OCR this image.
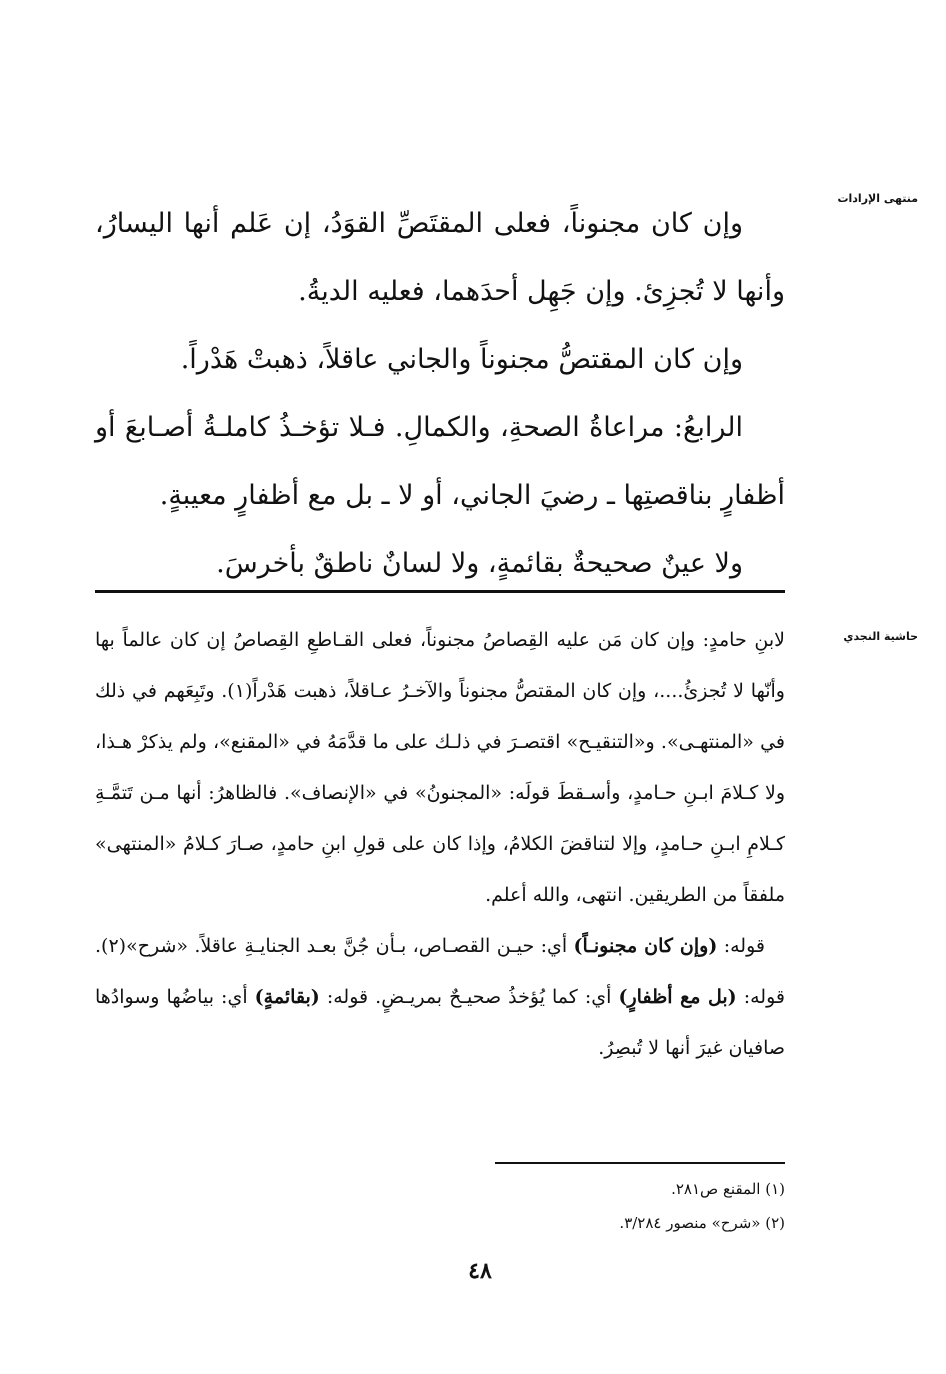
منتهى الإرادات

وإن كان مجنوناً، فعلى المقتَصِّ القوَدُ، إن عَلم أنها اليسارُ، وأنها لا تُجزِئ. وإن جَهِل أحدَهما، فعليه الديةُ.

وإن كان المقتصُّ مجنوناً والجاني عاقلاً، ذهبتْ هَدْراً.

الرابعُ: مراعاةُ الصحةِ، والكمالِ. فـلا تؤخـذُ كاملـةُ أصـابعَ أو أظفارٍ بناقصتِها ـ رضيَ الجاني، أو لا ـ بل مع أظفارٍ معيبةٍ.

ولا عينٌ صحيحةٌ بقائمةٍ، ولا لسانٌ ناطقٌ بأخرسَ.

حاشية النجدي

لابنِ حامدٍ: وإن كان مَن عليه القِصاصُ مجنوناً، فعلى القـاطعِ القِصاصُ إن كان عالماً بها وأنّها لا تُجزئُ....، وإن كان المقتصُّ مجنوناً والآخـرُ عـاقلاً، ذهبت هَدْراً(١). وتَبِعَهم في ذلك في «المنتهـى». و«التنقيـح» اقتصـرَ في ذلـك على ما قدَّمَهُ في «المقنع»، ولم يذكرْ هـذا، ولا كـلامَ ابـنِ حـامدٍ، وأسـقطَ قولَه: «المجنونُ» في «الإنصاف». فالظاهرُ: أنها مـن تَتمَّـةِ كـلامِ ابـنِ حـامدٍ، وإلا لتناقضَ الكلامُ، وإذا كان على قولِ ابنِ حامدٍ، صـارَ كـلامُ «المنتهى» ملفقاً من الطريقين. انتهى، والله أعلم.

قوله: (وإن كان مجنونـاً) أي: حيـن القصـاص، بـأن جُنَّ بعـد الجنايـةِ عاقلاً. «شرح»(٢). قوله: (بل مع أظفارٍ) أي: كما يُؤخذُ صحيـحٌ بمريـضٍ. قوله: (بقائمةٍ) أي: بياضُها وسوادُها صافيان غيرَ أنها لا تُبصِرُ.

(١) المقنع ص٢٨١.
(٢) «شرح» منصور ٣/٢٨٤.
٤٨
